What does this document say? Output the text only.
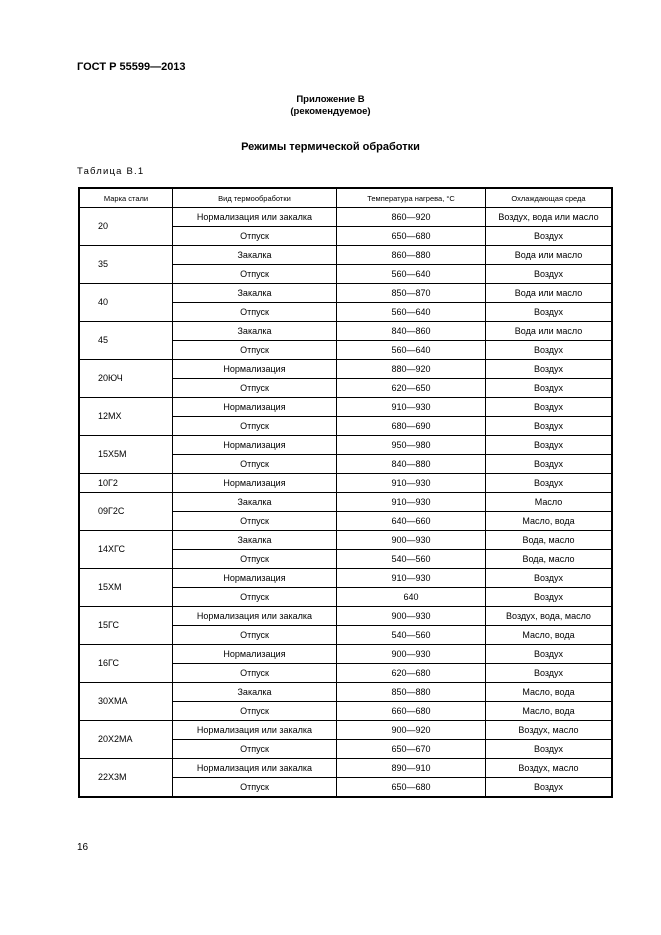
ГОСТ Р 55599—2013
Приложение В
(рекомендуемое)
Режимы термической обработки
Таблица В.1
Марка стали	Вид термообработки	Температура нагрева, °С	Охлаждающая среда
20	Нормализация или закалка	860—920	Воздух, вода или масло
	Отпуск	650—680	Воздух
35	Закалка	860—880	Вода или масло
	Отпуск	560—640	Воздух
40	Закалка	850—870	Вода или масло
	Отпуск	560—640	Воздух
45	Закалка	840—860	Вода или масло
	Отпуск	560—640	Воздух
20ЮЧ	Нормализация	880—920	Воздух
	Отпуск	620—650	Воздух
12МХ	Нормализация	910—930	Воздух
	Отпуск	680—690	Воздух
15Х5М	Нормализация	950—980	Воздух
	Отпуск	840—880	Воздух
10Г2	Нормализация	910—930	Воздух
09Г2С	Закалка	910—930	Масло
	Отпуск	640—660	Масло, вода
14ХГС	Закалка	900—930	Вода, масло
	Отпуск	540—560	Вода, масло
15ХМ	Нормализация	910—930	Воздух
	Отпуск	640	Воздух
15ГС	Нормализация или закалка	900—930	Воздух, вода, масло
	Отпуск	540—560	Масло, вода
16ГС	Нормализация	900—930	Воздух
	Отпуск	620—680	Воздух
30ХМА	Закалка	850—880	Масло, вода
	Отпуск	660—680	Масло, вода
20Х2МА	Нормализация или закалка	900—920	Воздух, масло
	Отпуск	650—670	Воздух
22Х3М	Нормализация или закалка	890—910	Воздух, масло
	Отпуск	650—680	Воздух
16
